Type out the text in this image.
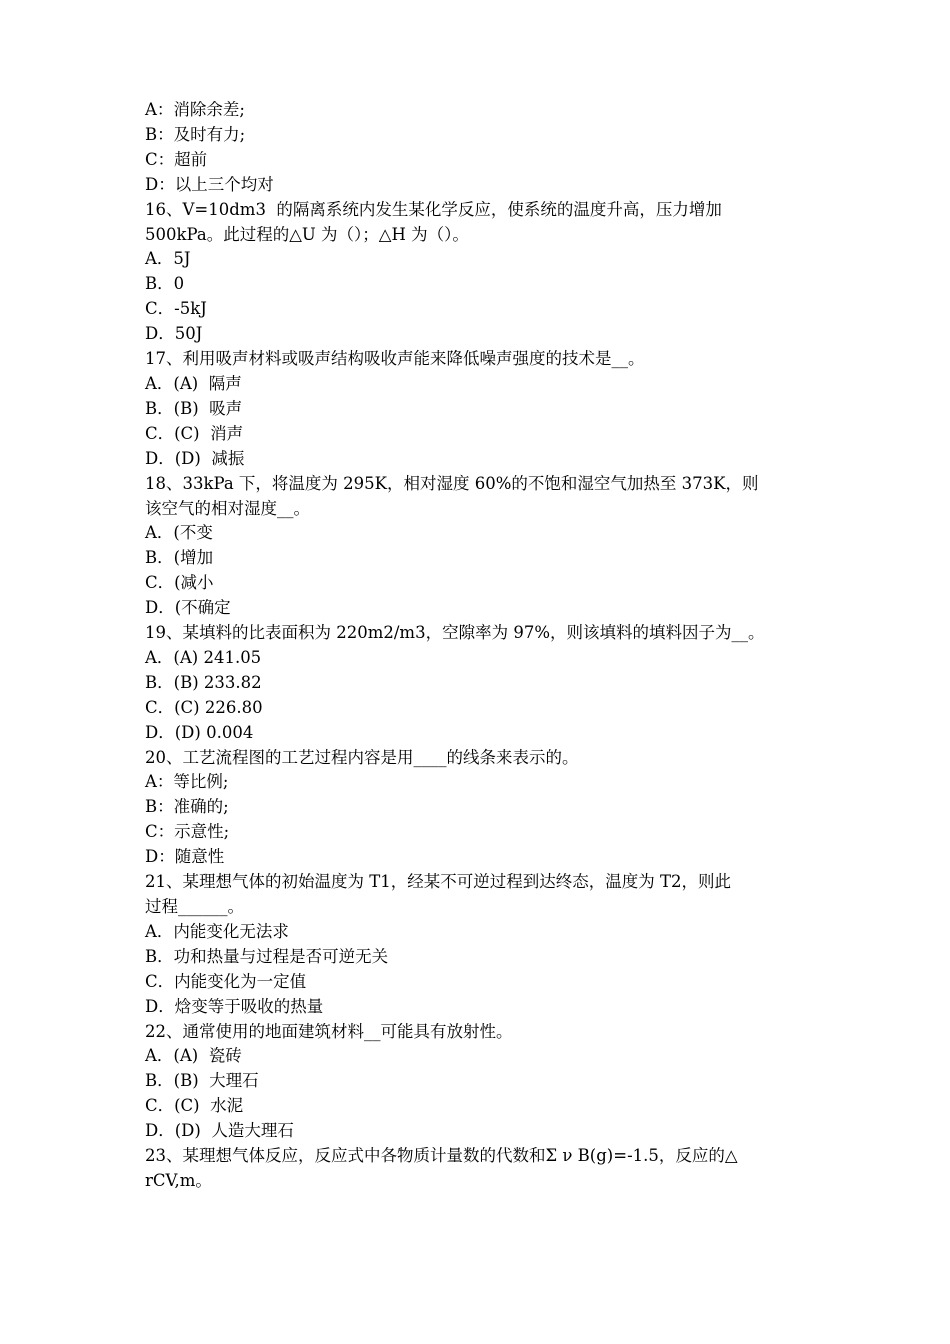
A：消除余差;

B：及时有力;

C：超前

D：以上三个均对

16、V=10dm3  的隔离系统内发生某化学反应，使系统的温度升高，压力增加

500kPa。此过程的△U 为（）；△H 为（）。

A．5J

B．0

C．-5kJ

D．50J

17、利用吸声材料或吸声结构吸收声能来降低噪声强度的技术是__。

A．(A)  隔声

B．(B)  吸声

C．(C)  消声

D．(D)  减振

18、33kPa 下，将温度为 295K，相对湿度 60%的不饱和湿空气加热至 373K，则

该空气的相对湿度__。

A．(不变

B．(增加

C．(减小

D．(不确定

19、某填料的比表面积为 220m2/m3，空隙率为 97%，则该填料的填料因子为__。

A．(A) 241.05

B．(B) 233.82

C．(C) 226.80

D．(D) 0.004

20、工艺流程图的工艺过程内容是用____的线条来表示的。

A：等比例;

B：准确的;

C：示意性;

D：随意性

21、某理想气体的初始温度为 T1，经某不可逆过程到达终态，温度为 T2，则此

过程______。

A．内能变化无法求

B．功和热量与过程是否可逆无关

C．内能变化为一定值

D．焓变等于吸收的热量

22、通常使用的地面建筑材料__可能具有放射性。

A．(A)  瓷砖

B．(B)  大理石

C．(C)  水泥

D．(D)  人造大理石

23、某理想气体反应，反应式中各物质计量数的代数和Σ ν B(g)=-1.5，反应的△

rCV,m。
